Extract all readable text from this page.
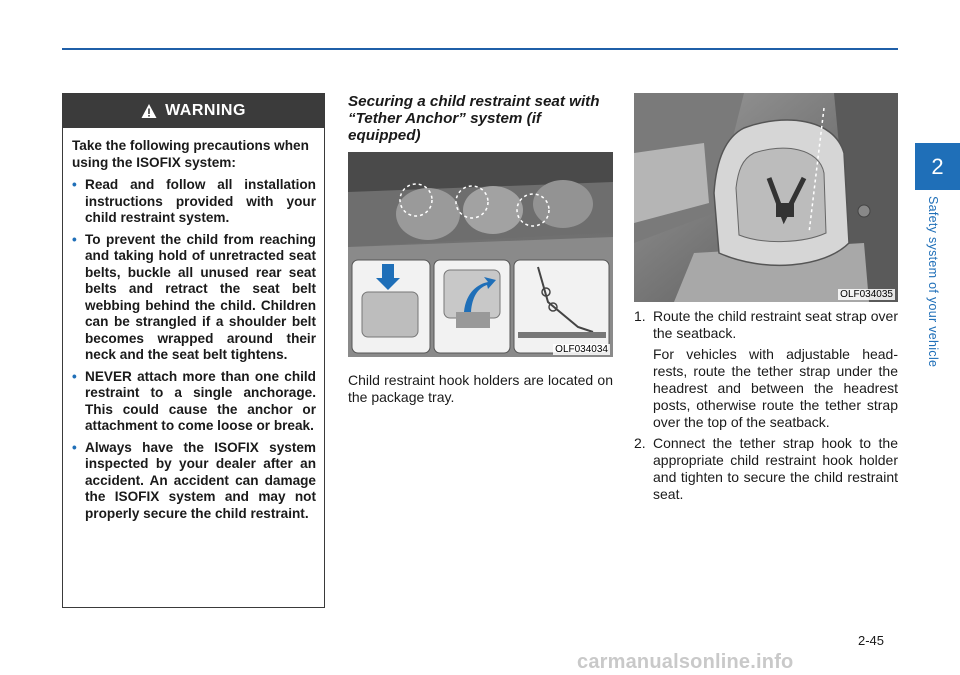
2
Safety system of your vehicle
WARNING

Take the following precautions when using the ISOFIX system:

• Read and follow all installation instructions provided with your child restraint system.
• To prevent the child from reaching and taking hold of unretracted seat belts, buckle all unused rear seat belts and retract the seat belt webbing behind the child. Children can be strangled if a shoulder belt becomes wrapped around their neck and the seat belt tightens.
• NEVER attach more than one child restraint to a single anchorage. This could cause the anchor or attachment to come loose or break.
• Always have the ISOFIX system inspected by your dealer after an accident. An accident can damage the ISOFIX system and may not properly secure the child restraint.
Securing a child restraint seat with “Tether Anchor” system (if equipped)
OLF034034
Child restraint hook holders are located on the package tray.
OLF034035
1. Route the child restraint seat strap over the seatback.
For vehicles with adjustable head-rests, route the tether strap under the headrest and between the headrest posts, otherwise route the tether strap over the top of the seatback.
2. Connect the tether strap hook to the appropriate child restraint hook holder and tighten to secure the child restraint seat.
2-45
carmanualsonline.info
